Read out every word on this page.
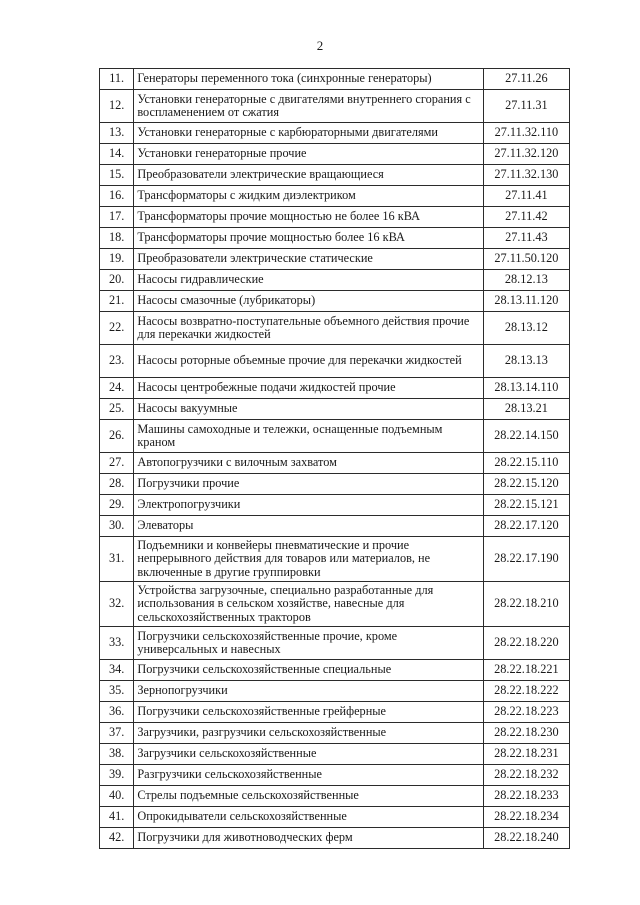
2
11.	Генераторы переменного тока (синхронные генераторы)	27.11.26
12.	Установки генераторные с двигателями внутреннего сгорания с воспламенением от сжатия	27.11.31
13.	Установки генераторные с карбюраторными двигателями	27.11.32.110
14.	Установки генераторные прочие	27.11.32.120
15.	Преобразователи электрические вращающиеся	27.11.32.130
16.	Трансформаторы с жидким диэлектриком	27.11.41
17.	Трансформаторы прочие мощностью не более 16 кВА	27.11.42
18.	Трансформаторы прочие мощностью более 16 кВА	27.11.43
19.	Преобразователи электрические статические	27.11.50.120
20.	Насосы гидравлические	28.12.13
21.	Насосы смазочные (лубрикаторы)	28.13.11.120
22.	Насосы возвратно-поступательные объемного действия прочие для перекачки жидкостей	28.13.12
23.	Насосы роторные объемные прочие для перекачки жидкостей	28.13.13
24.	Насосы центробежные подачи жидкостей прочие	28.13.14.110
25.	Насосы вакуумные	28.13.21
26.	Машины самоходные и тележки, оснащенные подъемным краном	28.22.14.150
27.	Автопогрузчики с вилочным захватом	28.22.15.110
28.	Погрузчики прочие	28.22.15.120
29.	Электропогрузчики	28.22.15.121
30.	Элеваторы	28.22.17.120
31.	Подъемники и конвейеры пневматические и прочие непрерывного действия для товаров или материалов, не включенные в другие группировки	28.22.17.190
32.	Устройства загрузочные, специально разработанные для использования в сельском хозяйстве, навесные для сельскохозяйственных тракторов	28.22.18.210
33.	Погрузчики сельскохозяйственные прочие, кроме универсальных и навесных	28.22.18.220
34.	Погрузчики сельскохозяйственные специальные	28.22.18.221
35.	Зернопогрузчики	28.22.18.222
36.	Погрузчики сельскохозяйственные грейферные	28.22.18.223
37.	Загрузчики, разгрузчики сельскохозяйственные	28.22.18.230
38.	Загрузчики сельскохозяйственные	28.22.18.231
39.	Разгрузчики сельскохозяйственные	28.22.18.232
40.	Стрелы подъемные сельскохозяйственные	28.22.18.233
41.	Опрокидыватели сельскохозяйственные	28.22.18.234
42.	Погрузчики для животноводческих ферм	28.22.18.240
